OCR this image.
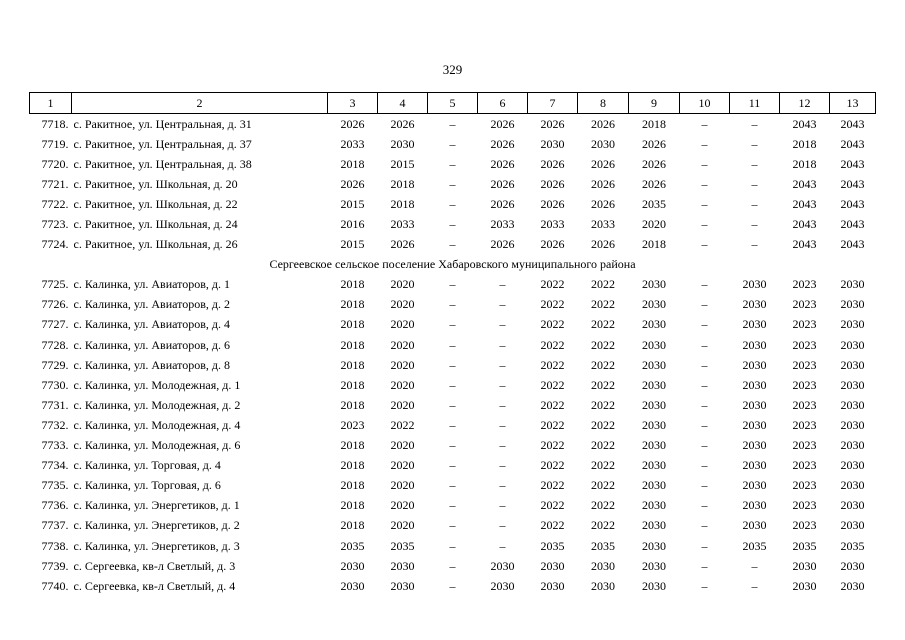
329
1	2	3	4	5	6	7	8	9	10	11	12	13
7718.	с. Ракитное, ул. Центральная, д. 31	2026	2026	–	2026	2026	2026	2018	–	–	2043	2043
7719.	с. Ракитное, ул. Центральная, д. 37	2033	2030	–	2026	2030	2030	2026	–	–	2018	2043
7720.	с. Ракитное, ул. Центральная, д. 38	2018	2015	–	2026	2026	2026	2026	–	–	2018	2043
7721.	с. Ракитное, ул. Школьная, д. 20	2026	2018	–	2026	2026	2026	2026	–	–	2043	2043
7722.	с. Ракитное, ул. Школьная, д. 22	2015	2018	–	2026	2026	2026	2035	–	–	2043	2043
7723.	с. Ракитное, ул. Школьная, д. 24	2016	2033	–	2033	2033	2033	2020	–	–	2043	2043
7724.	с. Ракитное, ул. Школьная, д. 26	2015	2026	–	2026	2026	2026	2018	–	–	2043	2043
Сергеевское сельское поселение Хабаровского муниципального района												
7725.	с. Калинка, ул. Авиаторов, д. 1	2018	2020	–	–	2022	2022	2030	–	2030	2023	2030
7726.	с. Калинка, ул. Авиаторов, д. 2	2018	2020	–	–	2022	2022	2030	–	2030	2023	2030
7727.	с. Калинка, ул. Авиаторов, д. 4	2018	2020	–	–	2022	2022	2030	–	2030	2023	2030
7728.	с. Калинка, ул. Авиаторов, д. 6	2018	2020	–	–	2022	2022	2030	–	2030	2023	2030
7729.	с. Калинка, ул. Авиаторов, д. 8	2018	2020	–	–	2022	2022	2030	–	2030	2023	2030
7730.	с. Калинка, ул. Молодежная, д. 1	2018	2020	–	–	2022	2022	2030	–	2030	2023	2030
7731.	с. Калинка, ул. Молодежная, д. 2	2018	2020	–	–	2022	2022	2030	–	2030	2023	2030
7732.	с. Калинка, ул. Молодежная, д. 4	2023	2022	–	–	2022	2022	2030	–	2030	2023	2030
7733.	с. Калинка, ул. Молодежная, д. 6	2018	2020	–	–	2022	2022	2030	–	2030	2023	2030
7734.	с. Калинка, ул. Торговая, д. 4	2018	2020	–	–	2022	2022	2030	–	2030	2023	2030
7735.	с. Калинка, ул. Торговая, д. 6	2018	2020	–	–	2022	2022	2030	–	2030	2023	2030
7736.	с. Калинка, ул. Энергетиков, д. 1	2018	2020	–	–	2022	2022	2030	–	2030	2023	2030
7737.	с. Калинка, ул. Энергетиков, д. 2	2018	2020	–	–	2022	2022	2030	–	2030	2023	2030
7738.	с. Калинка, ул. Энергетиков, д. 3	2035	2035	–	–	2035	2035	2030	–	2035	2035	2035
7739.	с. Сергеевка, кв-л Светлый, д. 3	2030	2030	–	2030	2030	2030	2030	–	–	2030	2030
7740.	с. Сергеевка, кв-л Светлый, д. 4	2030	2030	–	2030	2030	2030	2030	–	–	2030	2030
